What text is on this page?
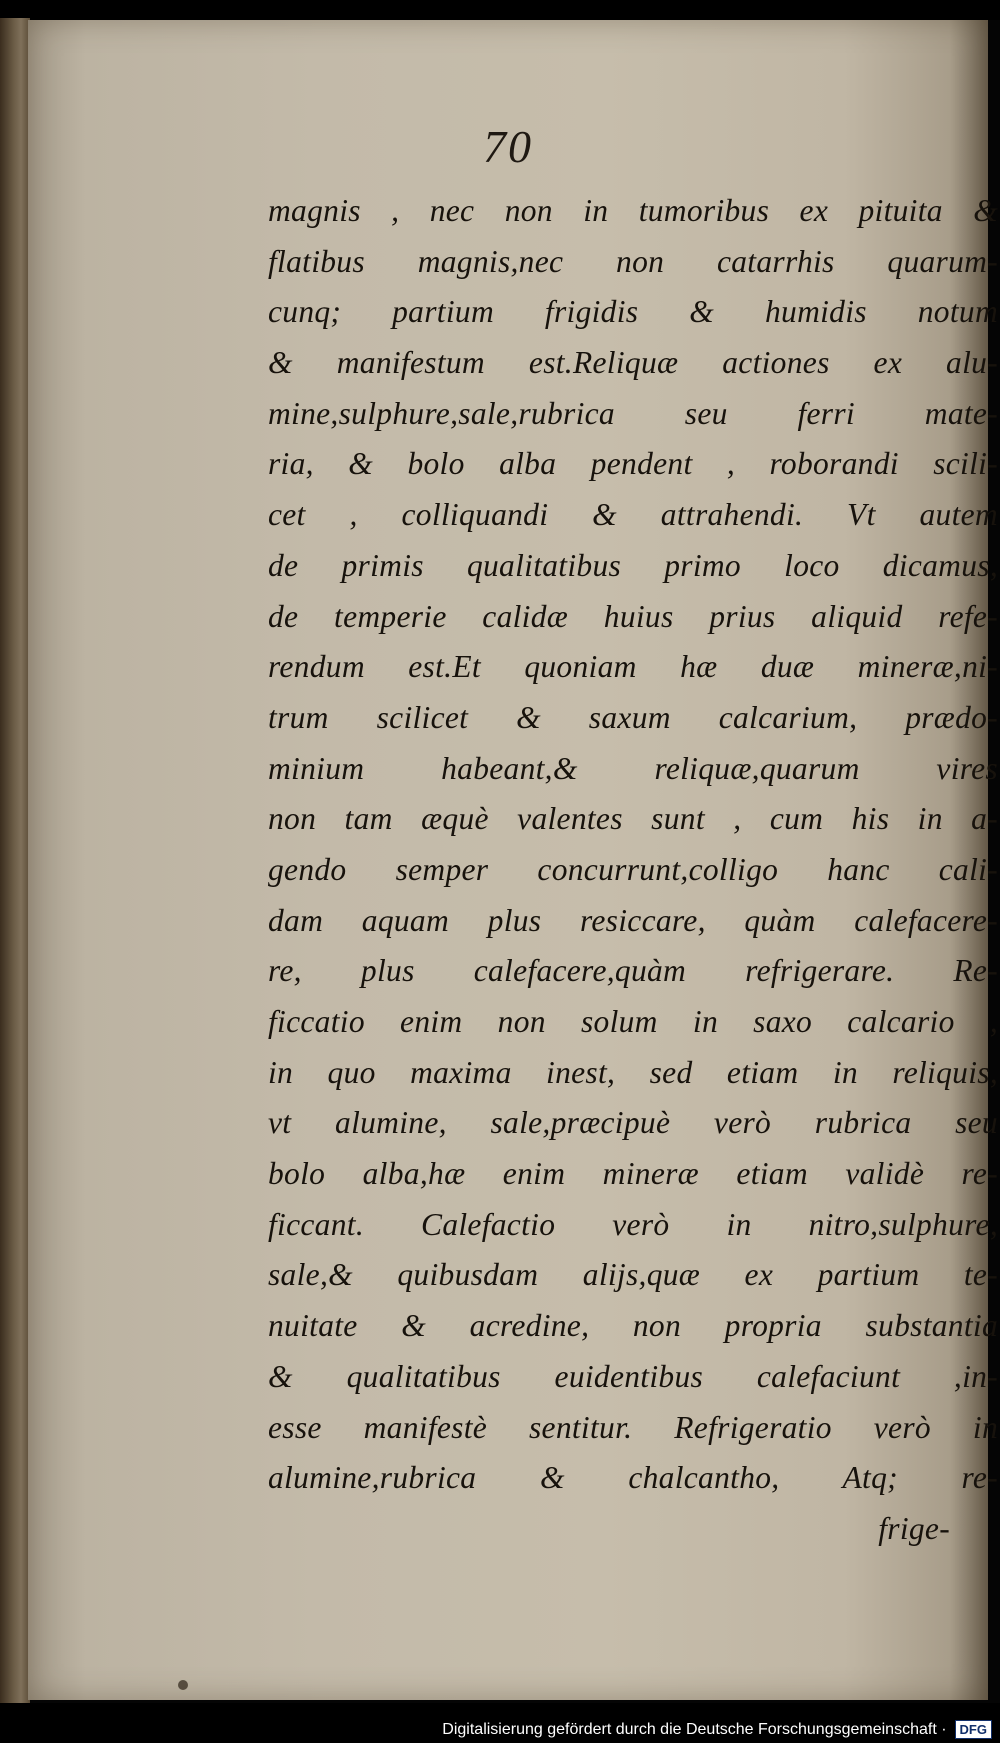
70
magnis , nec non in tumoribus ex pituita &
flatibus magnis,nec non catarrhis quarum-
cunq; partium frigidis & humidis notum
& manifestum est.Reliquæ actiones ex alu-
mine,sulphure,sale,rubrica seu ferri mate-
ria, & bolo alba pendent , roborandi scili-
cet , colliquandi & attrahendi. Vt autem
de primis qualitatibus primo loco dicamus,
de temperie calidæ huius prius aliquid refe-
rendum est.Et quoniam hæ duæ mineræ,ni-
trum scilicet & saxum calcarium, prædo-
minium habeant,& reliquæ,quarum vires
non tam æquè valentes sunt , cum his in a-
gendo semper concurrunt,colligo hanc cali-
dam aquam plus resiccare, quàm calefacere-
re, plus calefacere,quàm refrigerare. Re-
ficcatio enim non solum in saxo calcario ,
in quo maxima inest, sed etiam in reliquis,
vt alumine, sale,præcipuè verò rubrica seu
bolo alba,hæ enim mineræ etiam validè re-
ficcant. Calefactio verò in nitro,sulphure,
sale,& quibusdam alijs,quæ ex partium te-
nuitate & acredine, non propria substantia
& qualitatibus euidentibus calefaciunt ,in-
esse manifestè sentitur. Refrigeratio verò in
alumine,rubrica & chalcantho, Atq; re-
frige-
Digitalisierung gefördert durch die Deutsche Forschungsgemeinschaft ·	DFG
